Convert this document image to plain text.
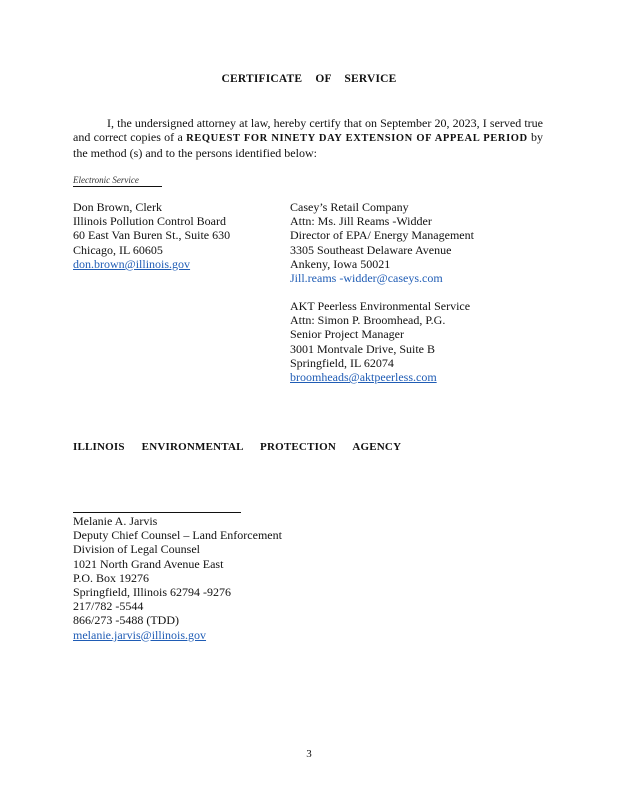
CERTIFICATE OF SERVICE

I, the undersigned attorney at law, hereby certify that on September 20, 2023, I served true and correct copies of a REQUEST FOR NINETY DAY EXTENSION OF APPEAL PERIOD by the method (s) and to the persons identified below:

Electronic Service
Don Brown, Clerk
Illinois Pollution Control Board
60 East Van Buren St., Suite 630
Chicago, IL 60605
don.brown@illinois.gov
Casey’s Retail Company
Attn: Ms. Jill Reams -Widder
Director of EPA/ Energy Management
3305 Southeast Delaware Avenue
Ankeny, Iowa 50021
Jill.reams -widder@caseys.com
AKT Peerless Environmental Service
Attn: Simon P. Broomhead, P.G.
Senior Project Manager
3001 Montvale Drive, Suite B
Springfield, IL 62074
broomheads@aktpeerless.com
ILLINOIS ENVIRONMENTAL PROTECTION AGENCY
Melanie A. Jarvis
Deputy Chief Counsel – Land Enforcement
Division of Legal Counsel
1021 North Grand Avenue East
P.O. Box 19276
Springfield, Illinois 62794 -9276
217/782 -5544
866/273 -5488 (TDD)
melanie.jarvis@illinois.gov
3
